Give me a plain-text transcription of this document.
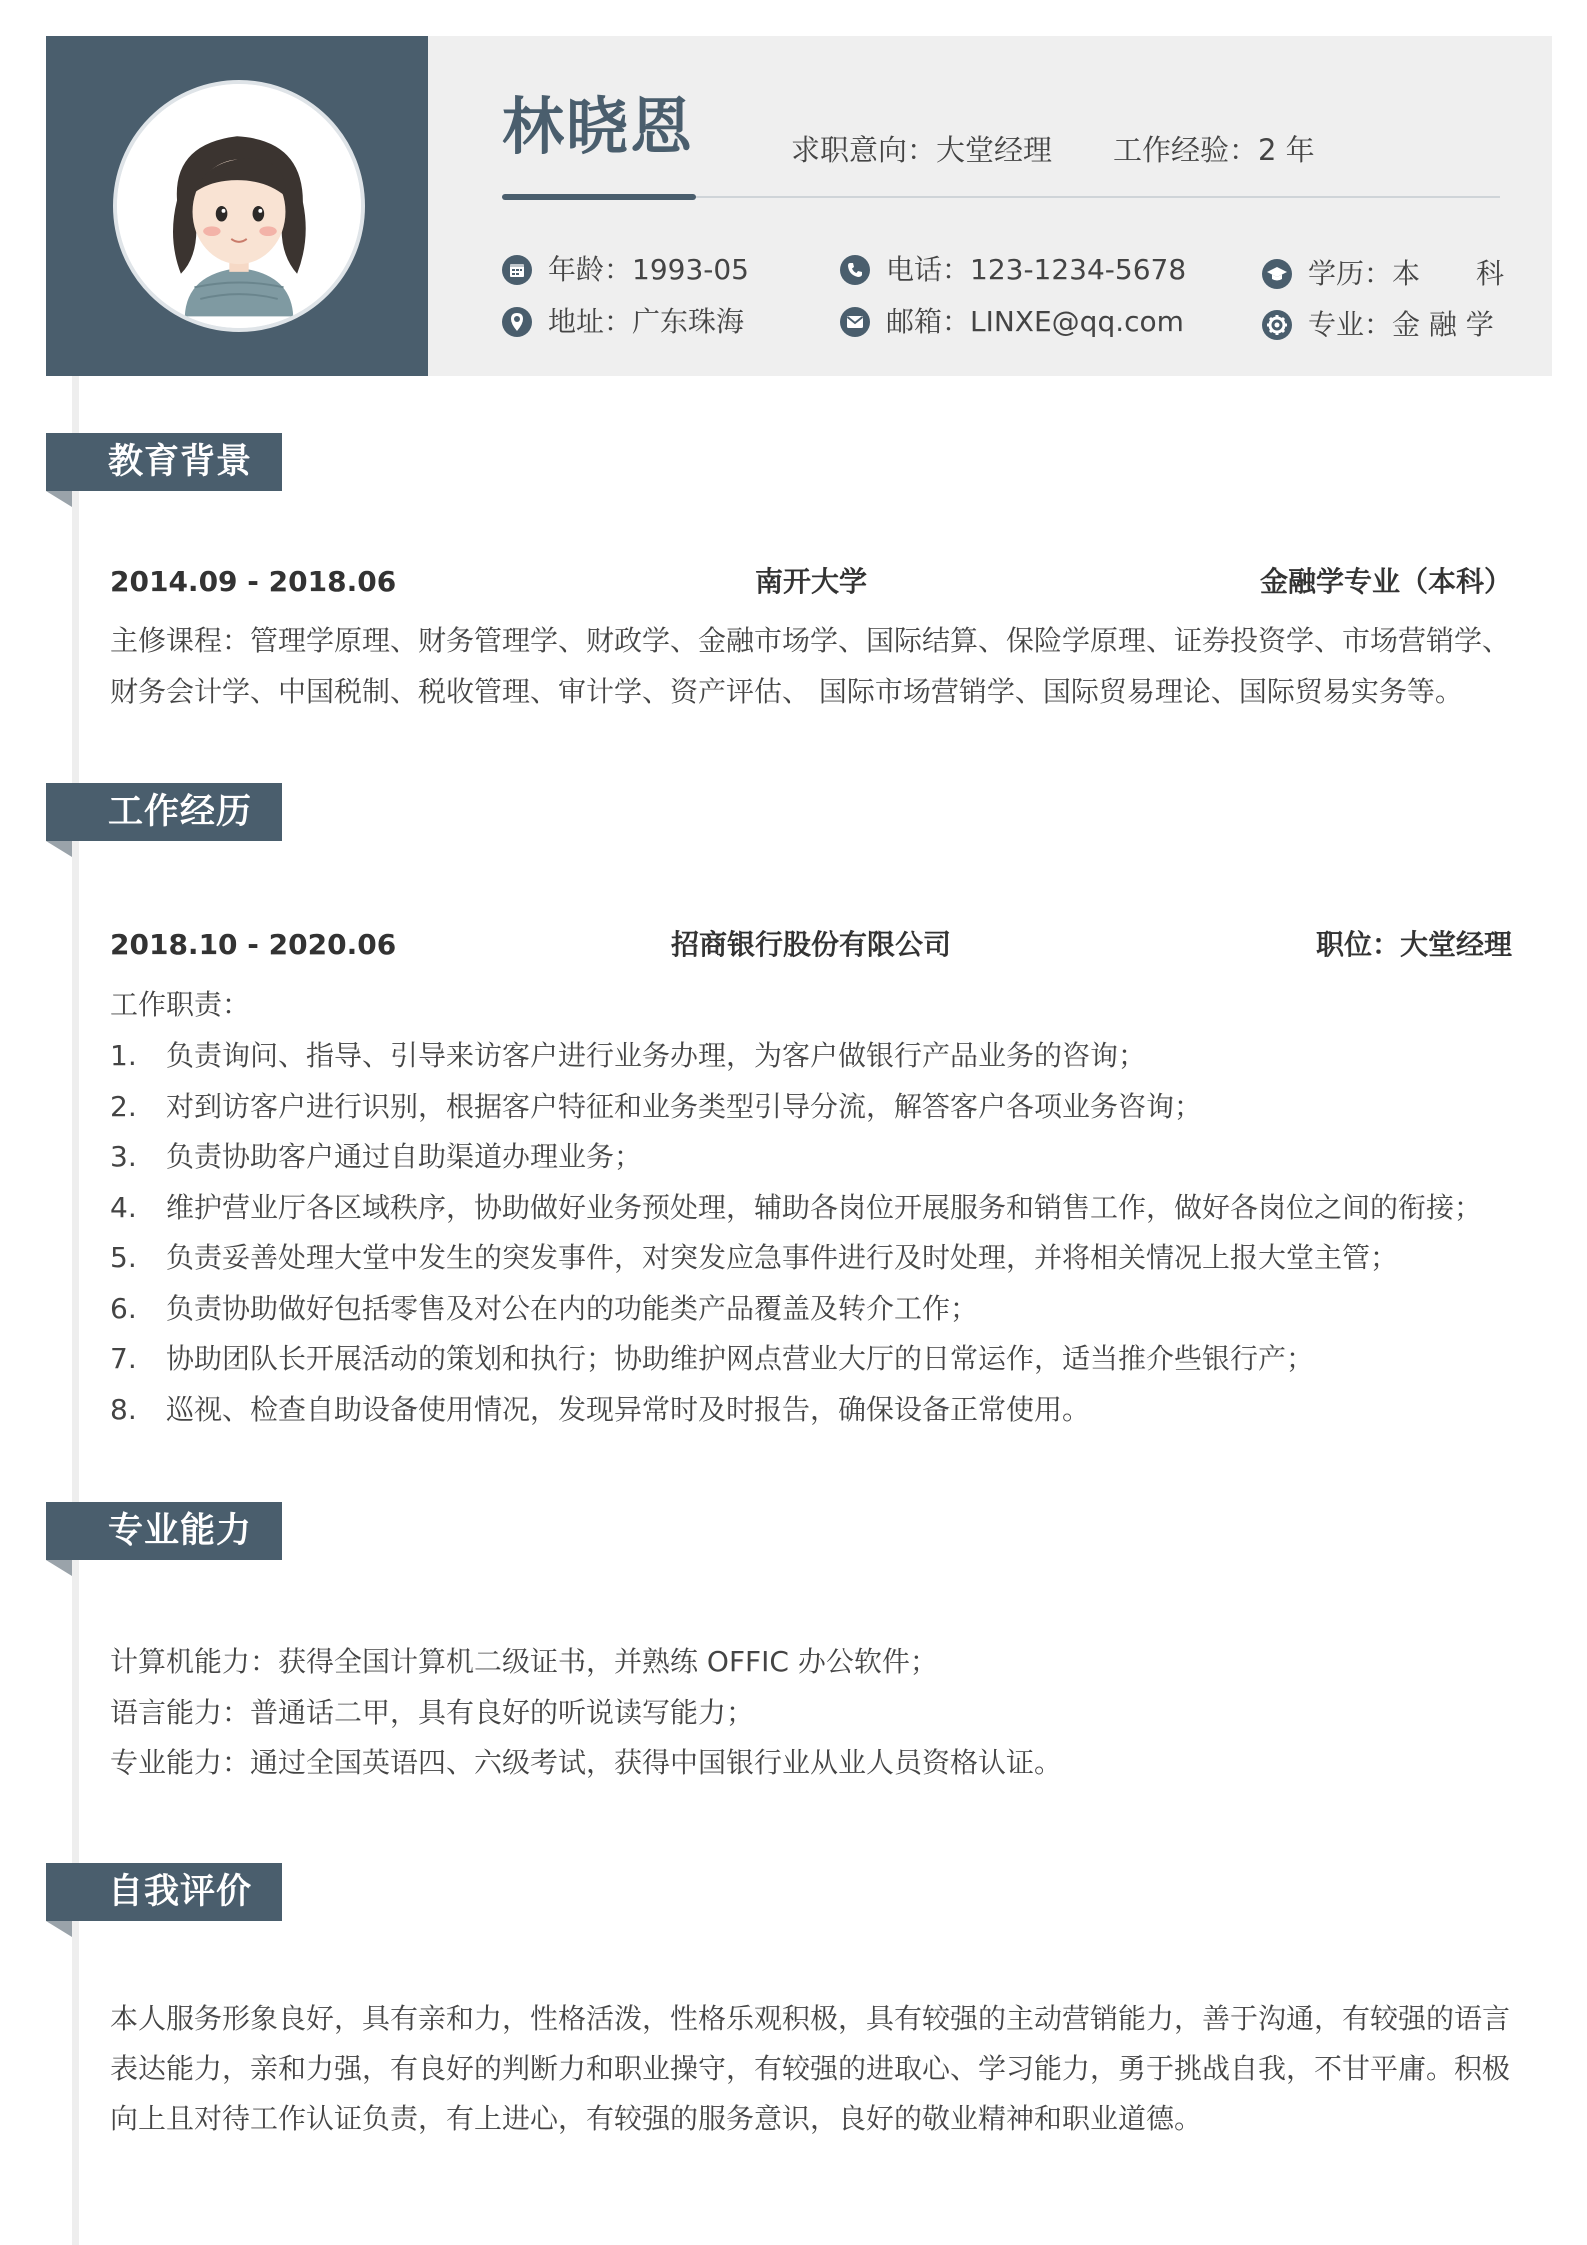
林晓恩	求职意向：大堂经理 工作经验：2 年
年龄：1993-05	电话：123-1234-5678	学历：本　　科
地址：广东珠海	邮箱：LINXE@qq.com	专业：金 融 学
教育背景
2014.09 - 2018.06	南开大学	金融学专业（本科）
主修课程：管理学原理、财务管理学、财政学、金融市场学、国际结算、保险学原理、证券投资学、市场营销学、
财务会计学、中国税制、税收管理、审计学、资产评估、 国际市场营销学、国际贸易理论、国际贸易实务等。
工作经历
2018.10 - 2020.06	招商银行股份有限公司	职位：大堂经理
工作职责：
1. 负责询问、指导、引导来访客户进行业务办理，为客户做银行产品业务的咨询；
2. 对到访客户进行识别，根据客户特征和业务类型引导分流，解答客户各项业务咨询；
3. 负责协助客户通过自助渠道办理业务；
4. 维护营业厅各区域秩序，协助做好业务预处理，辅助各岗位开展服务和销售工作，做好各岗位之间的衔接；
5. 负责妥善处理大堂中发生的突发事件，对突发应急事件进行及时处理，并将相关情况上报大堂主管；
6. 负责协助做好包括零售及对公在内的功能类产品覆盖及转介工作；
7. 协助团队长开展活动的策划和执行；协助维护网点营业大厅的日常运作，适当推介些银行产；
8. 巡视、检查自助设备使用情况，发现异常时及时报告，确保设备正常使用。
专业能力
计算机能力：获得全国计算机二级证书，并熟练 OFFIC 办公软件；
语言能力：普通话二甲，具有良好的听说读写能力；
专业能力：通过全国英语四、六级考试，获得中国银行业从业人员资格认证。
自我评价
本人服务形象良好，具有亲和力，性格活泼，性格乐观积极，具有较强的主动营销能力，善于沟通，有较强的语言
表达能力，亲和力强，有良好的判断力和职业操守，有较强的进取心、学习能力，勇于挑战自我，不甘平庸。积极
向上且对待工作认证负责，有上进心，有较强的服务意识，良好的敬业精神和职业道德。
